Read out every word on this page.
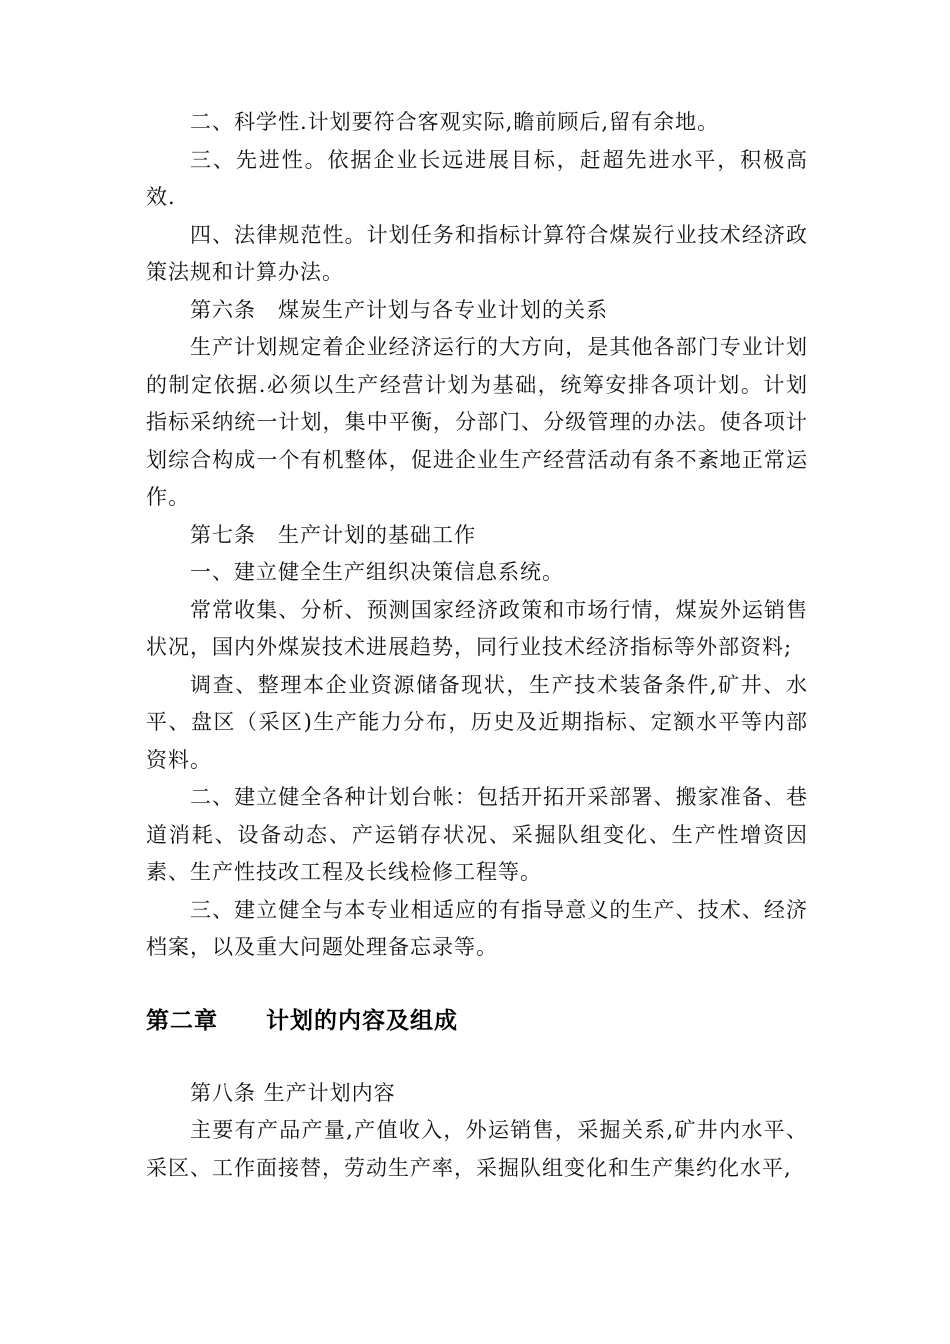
二、科学性.计划要符合客观实际,瞻前顾后,留有余地。

三、先进性。依据企业长远进展目标，赶超先进水平，积极高效.

四、法律规范性。计划任务和指标计算符合煤炭行业技术经济政策法规和计算办法。

第六条　煤炭生产计划与各专业计划的关系

生产计划规定着企业经济运行的大方向，是其他各部门专业计划的制定依据.必须以生产经营计划为基础，统筹安排各项计划。计划指标采纳统一计划，集中平衡，分部门、分级管理的办法。使各项计划综合构成一个有机整体，促进企业生产经营活动有条不紊地正常运作。

第七条　生产计划的基础工作

一、建立健全生产组织决策信息系统。

常常收集、分析、预测国家经济政策和市场行情，煤炭外运销售状况，国内外煤炭技术进展趋势，同行业技术经济指标等外部资料;

调查、整理本企业资源储备现状，生产技术装备条件,矿井、水平、盘区（采区)生产能力分布，历史及近期指标、定额水平等内部资料。

二、建立健全各种计划台帐：包括开拓开采部署、搬家准备、巷道消耗、设备动态、产运销存状况、采掘队组变化、生产性增资因素、生产性技改工程及长线检修工程等。

三、建立健全与本专业相适应的有指导意义的生产、技术、经济档案，以及重大问题处理备忘录等。

第二章　　计划的内容及组成

第八条 生产计划内容

主要有产品产量,产值收入，外运销售，采掘关系,矿井内水平、采区、工作面接替，劳动生产率，采掘队组变化和生产集约化水平,
